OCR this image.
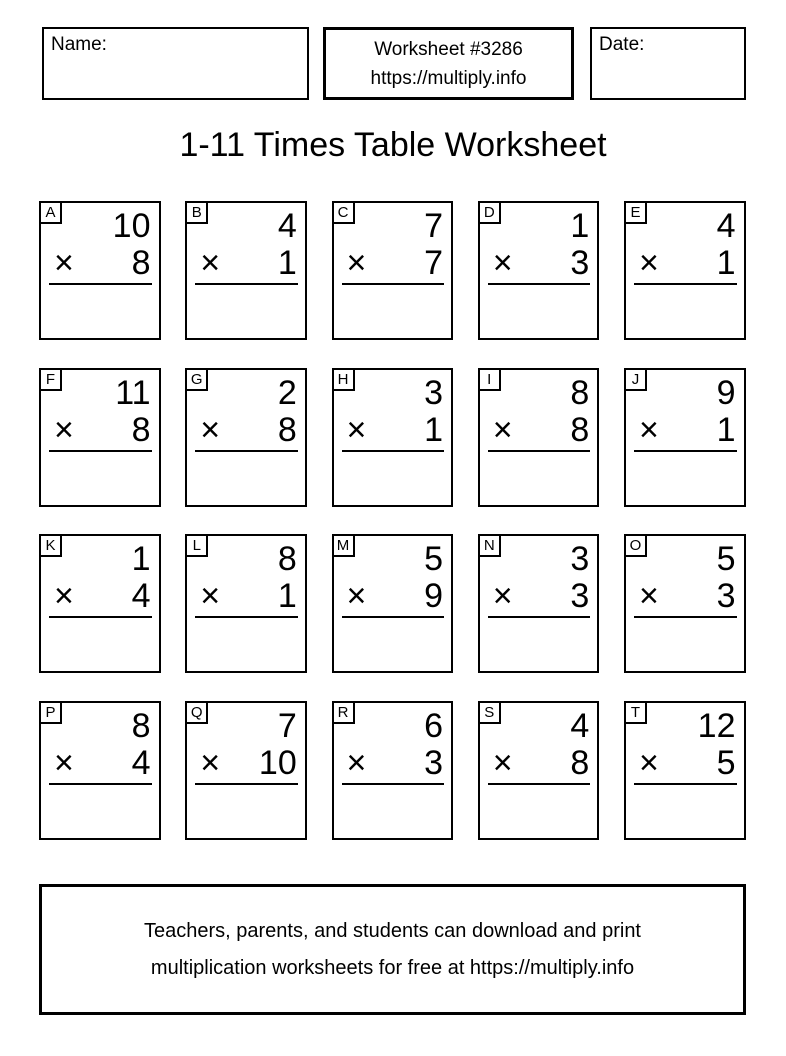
Name:	Worksheet #3286
https://multiply.info
Date:
1-11 Times Table Worksheet
A	10
× 8
B	4
× 1
C	7
× 7
D	1
× 3
E	4
× 1
F	11
× 8
G	2
× 8
H	3
× 1
I	8
× 8
J	9
× 1
K	1
× 4
L	8
× 1
M	5
× 9
N	3
× 3
O	5
× 3
P	8
× 4
Q	7
× 10
R	6
× 3
S	4
× 8
T	12
× 5
Teachers, parents, and students can download and print
multiplication worksheets for free at https://multiply.info
